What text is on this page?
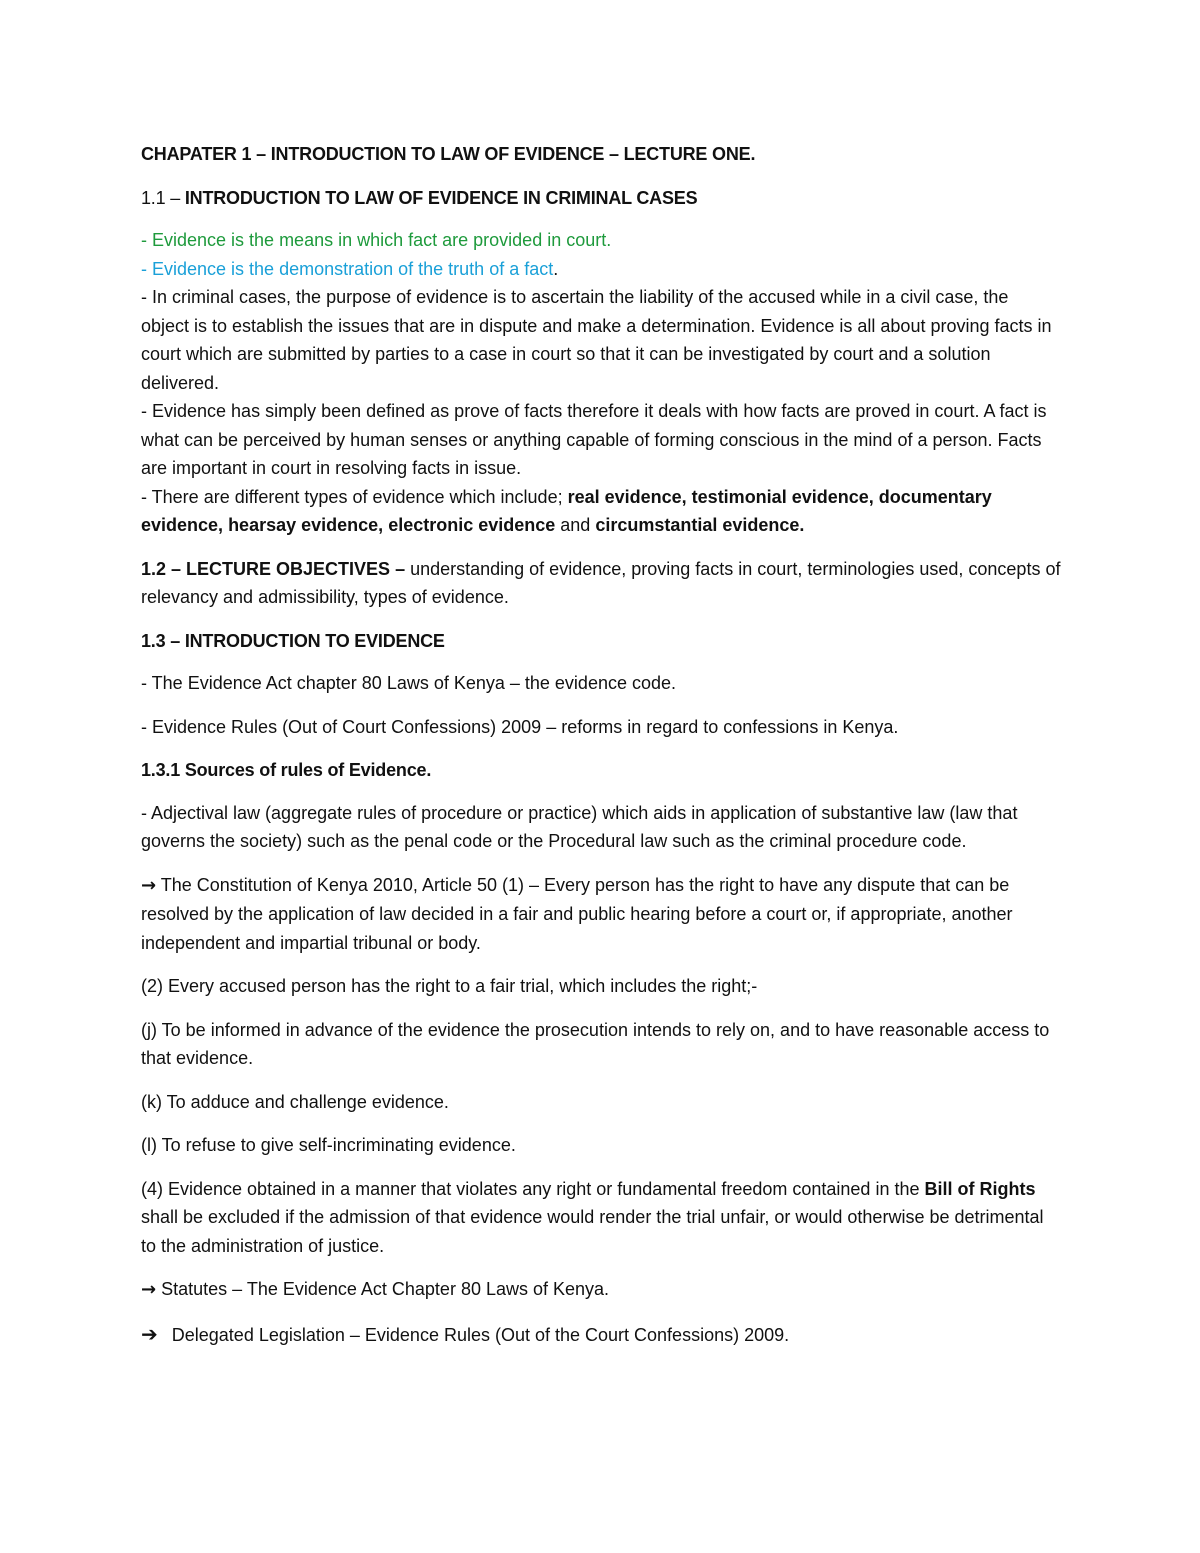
CHAPATER 1 – INTRODUCTION TO LAW OF EVIDENCE – LECTURE ONE.

1.1 – INTRODUCTION TO LAW OF EVIDENCE IN CRIMINAL CASES

- Evidence is the means in which fact are provided in court.

- Evidence is the demonstration of the truth of a fact.

- In criminal cases, the purpose of evidence is to ascertain the liability of the accused while in a civil case, the object is to establish the issues that are in dispute and make a determination. Evidence is all about proving facts in court which are submitted by parties to a case in court so that it can be investigated by court and a solution delivered.

- Evidence has simply been defined as prove of facts therefore it deals with how facts are proved in court. A fact is what can be perceived by human senses or anything capable of forming conscious in the mind of a person. Facts are important in court in resolving facts in issue.

- There are different types of evidence which include; real evidence, testimonial evidence, documentary evidence, hearsay evidence, electronic evidence and circumstantial evidence.

1.2 – LECTURE OBJECTIVES – understanding of evidence, proving facts in court, terminologies used, concepts of relevancy and admissibility, types of evidence.

1.3 – INTRODUCTION TO EVIDENCE

- The Evidence Act chapter 80 Laws of Kenya – the evidence code.

- Evidence Rules (Out of Court Confessions) 2009 – reforms in regard to confessions in Kenya.

1.3.1 Sources of rules of Evidence.

- Adjectival law (aggregate rules of procedure or practice) which aids in application of substantive law (law that governs the society) such as the penal code or the Procedural law such as the criminal procedure code.

→ The Constitution of Kenya 2010, Article 50 (1) – Every person has the right to have any dispute that can be resolved by the application of law decided in a fair and public hearing before a court or, if appropriate, another independent and impartial tribunal or body.

(2) Every accused person has the right to a fair trial, which includes the right;-

(j) To be informed in advance of the evidence the prosecution intends to rely on, and to have reasonable access to that evidence.

(k) To adduce and challenge evidence.

(l) To refuse to give self-incriminating evidence.

(4) Evidence obtained in a manner that violates any right or fundamental freedom contained in the Bill of Rights shall be excluded if the admission of that evidence would render the trial unfair, or would otherwise be detrimental to the administration of justice.

→ Statutes – The Evidence Act Chapter 80 Laws of Kenya.

➔ Delegated Legislation – Evidence Rules (Out of the Court Confessions) 2009.
